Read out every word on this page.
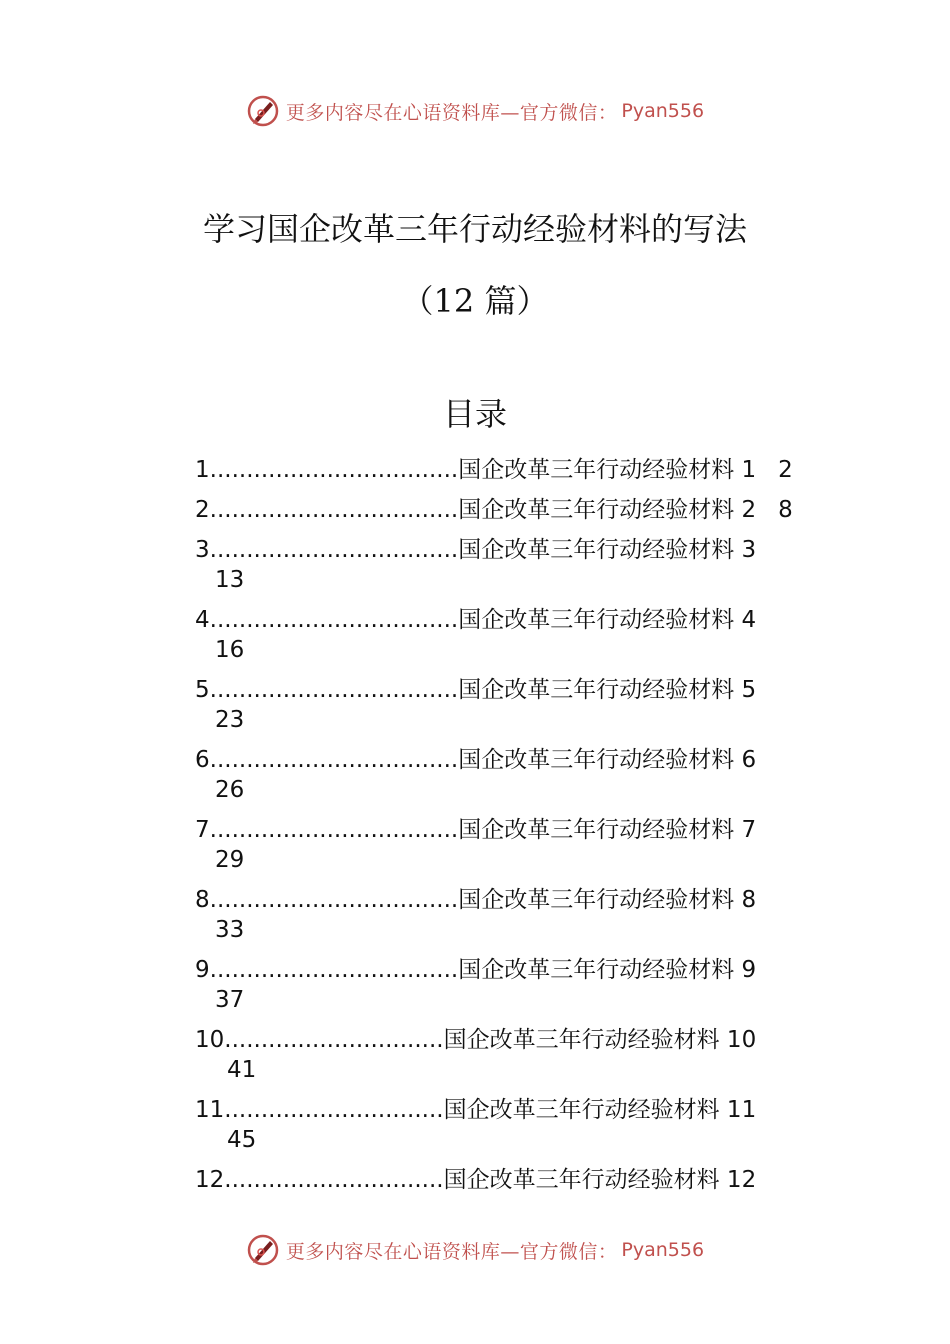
更多内容尽在心语资料库—官方微信： Pyan556
学习国企改革三年行动经验材料的写法
（12 篇）
目录
1 .................................. 国企改革三年行动经验材料 1 2
2 .................................. 国企改革三年行动经验材料 2 8
3 .................................. 国企改革三年行动经验材料 3
13
4 .................................. 国企改革三年行动经验材料 4
16
5 .................................. 国企改革三年行动经验材料 5
23
6 .................................. 国企改革三年行动经验材料 6
26
7 .................................. 国企改革三年行动经验材料 7
29
8 .................................. 国企改革三年行动经验材料 8
33
9 .................................. 国企改革三年行动经验材料 9
37
10 .............................. 国企改革三年行动经验材料 10
41
11 .............................. 国企改革三年行动经验材料 11
45
12 .............................. 国企改革三年行动经验材料 12
更多内容尽在心语资料库—官方微信： Pyan556
